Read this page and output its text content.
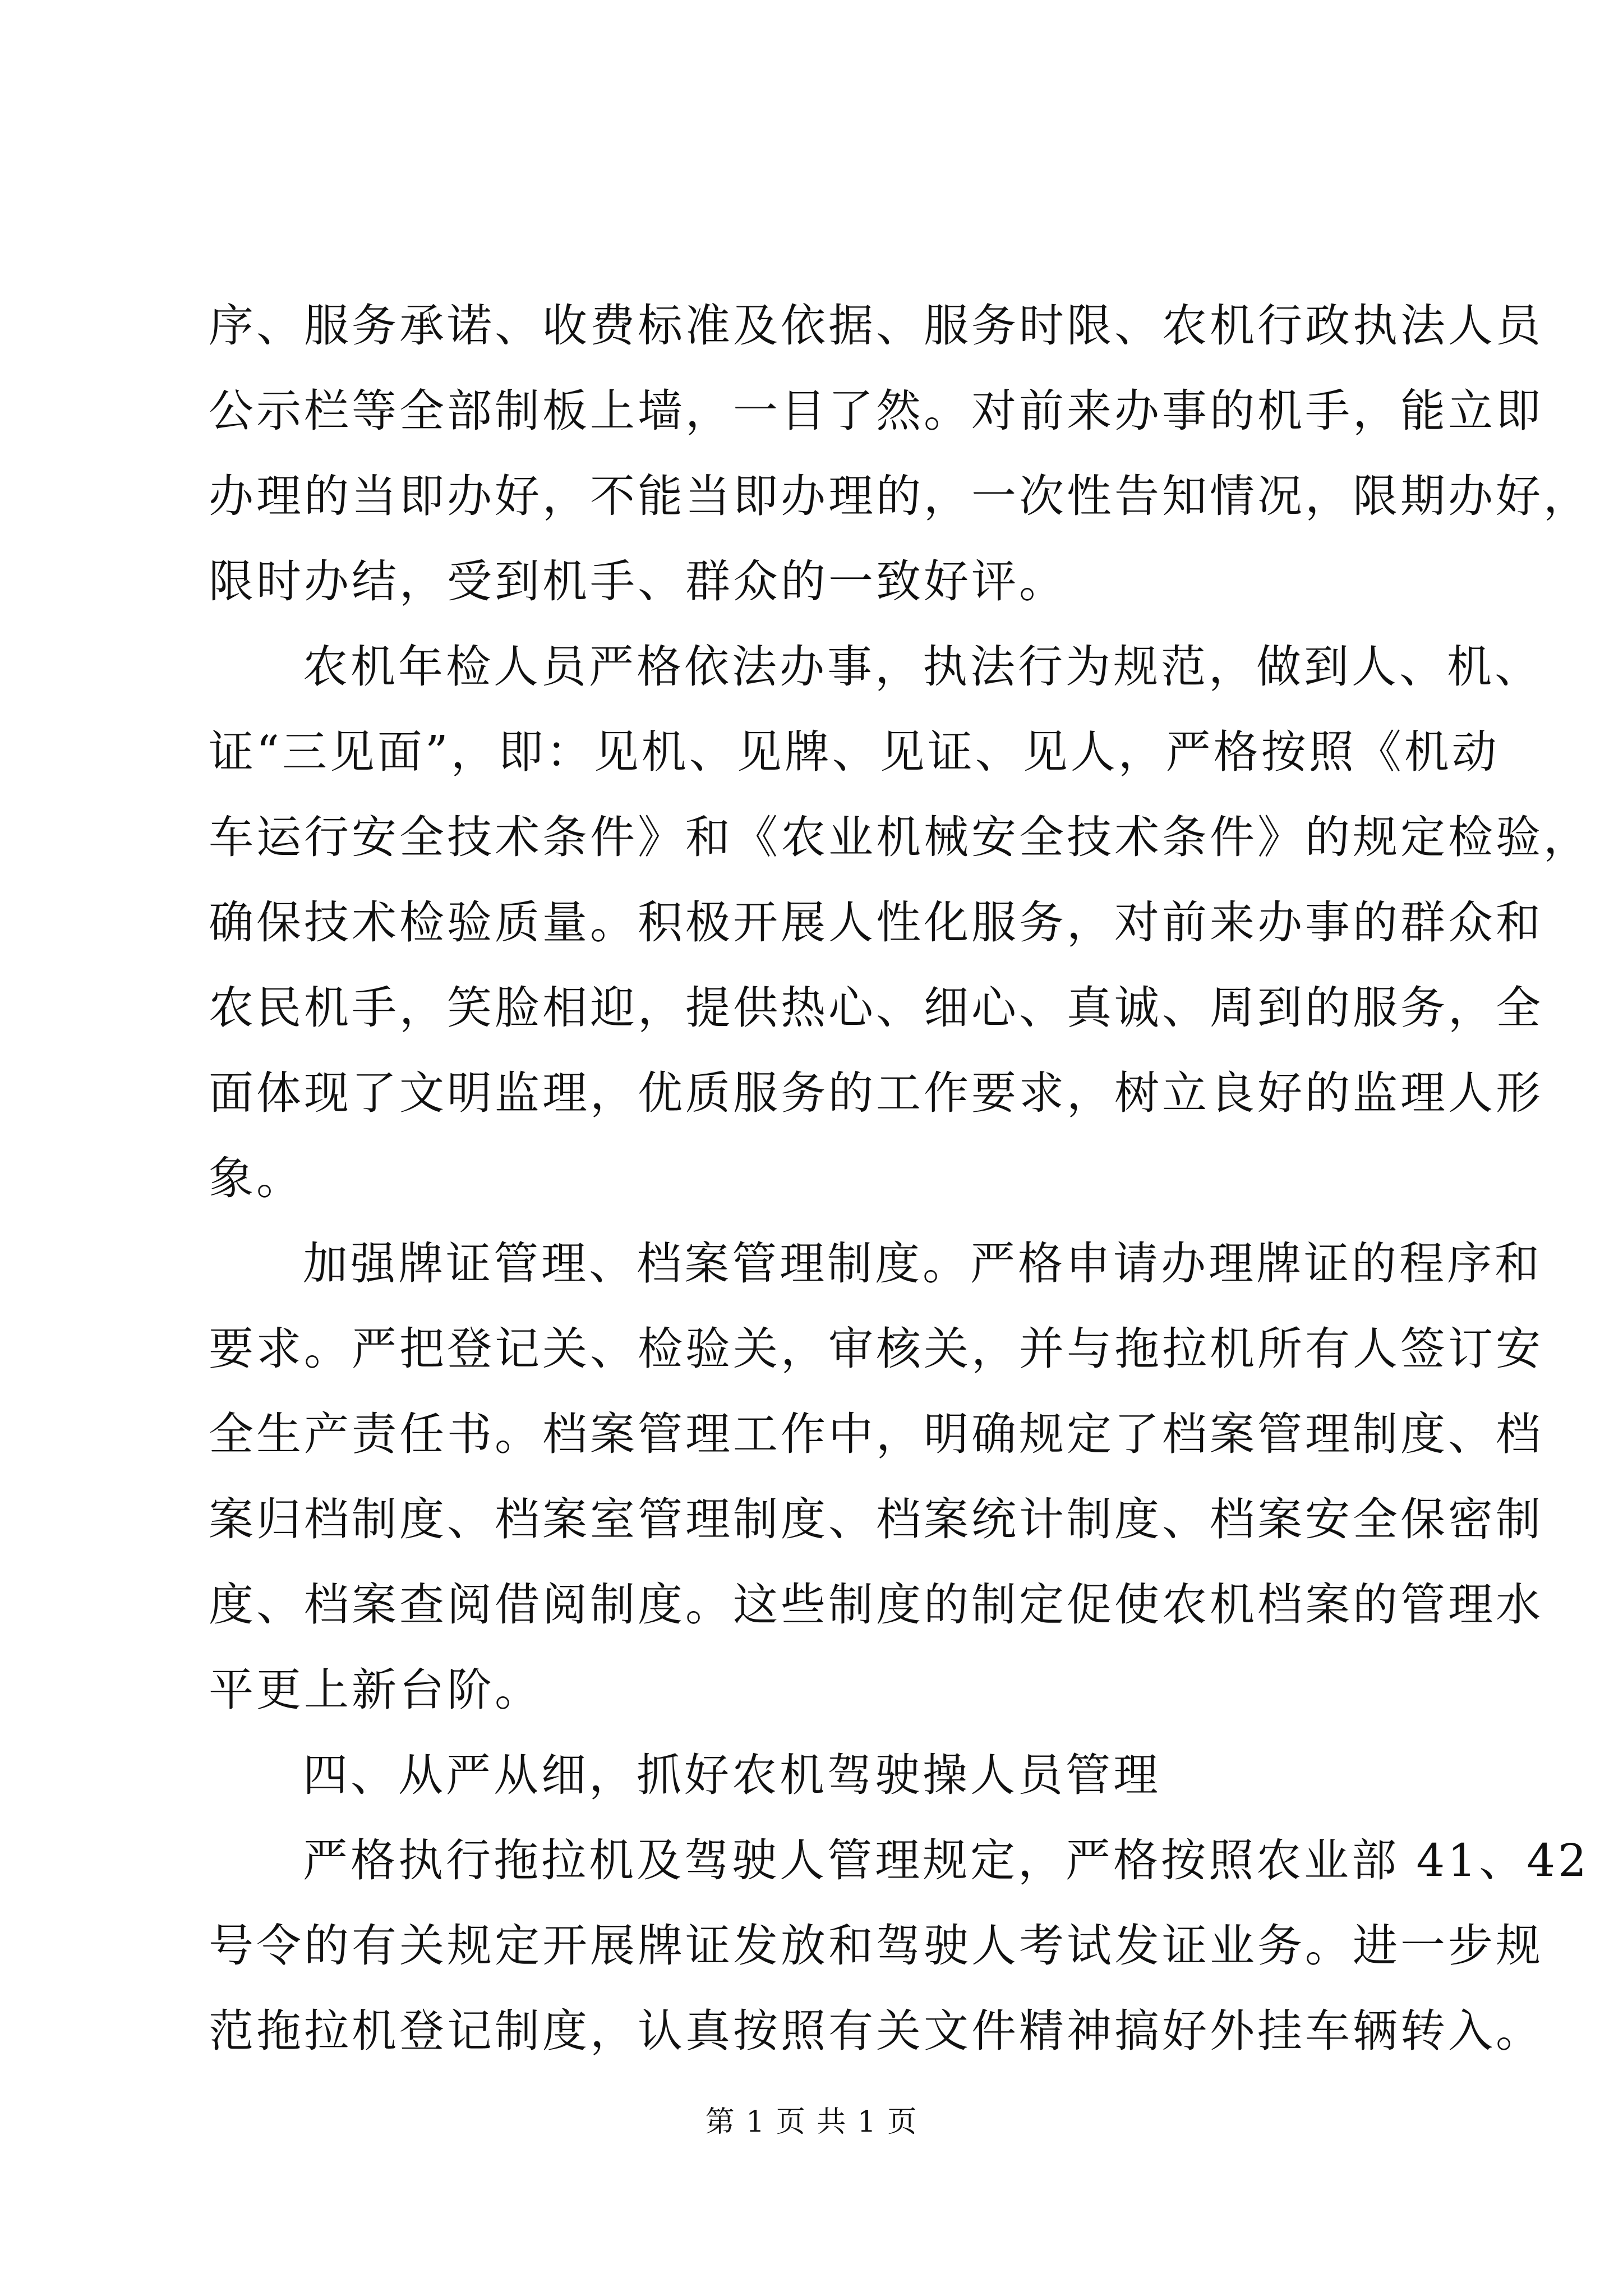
序、服务承诺、收费标准及依据、服务时限、农机行政执法人员
公示栏等全部制板上墙，一目了然。对前来办事的机手，能立即
办理的当即办好，不能当即办理的，一次性告知情况，限期办好，
限时办结，受到机手、群众的一致好评。
农机年检人员严格依法办事，执法行为规范，做到人、机、
证“三见面”，即：见机、见牌、见证、见人，严格按照《机动
车运行安全技术条件》和《农业机械安全技术条件》的规定检验，
确保技术检验质量。积极开展人性化服务，对前来办事的群众和
农民机手，笑脸相迎，提供热心、细心、真诚、周到的服务，全
面体现了文明监理，优质服务的工作要求，树立良好的监理人形
象。
加强牌证管理、档案管理制度。严格申请办理牌证的程序和
要求。严把登记关、检验关，审核关，并与拖拉机所有人签订安
全生产责任书。档案管理工作中，明确规定了档案管理制度、档
案归档制度、档案室管理制度、档案统计制度、档案安全保密制
度、档案查阅借阅制度。这些制度的制定促使农机档案的管理水
平更上新台阶。
四、从严从细，抓好农机驾驶操人员管理
严格执行拖拉机及驾驶人管理规定，严格按照农业部 41、42
号令的有关规定开展牌证发放和驾驶人考试发证业务。进一步规
范拖拉机登记制度，认真按照有关文件精神搞好外挂车辆转入。
第 1 页 共 1 页
